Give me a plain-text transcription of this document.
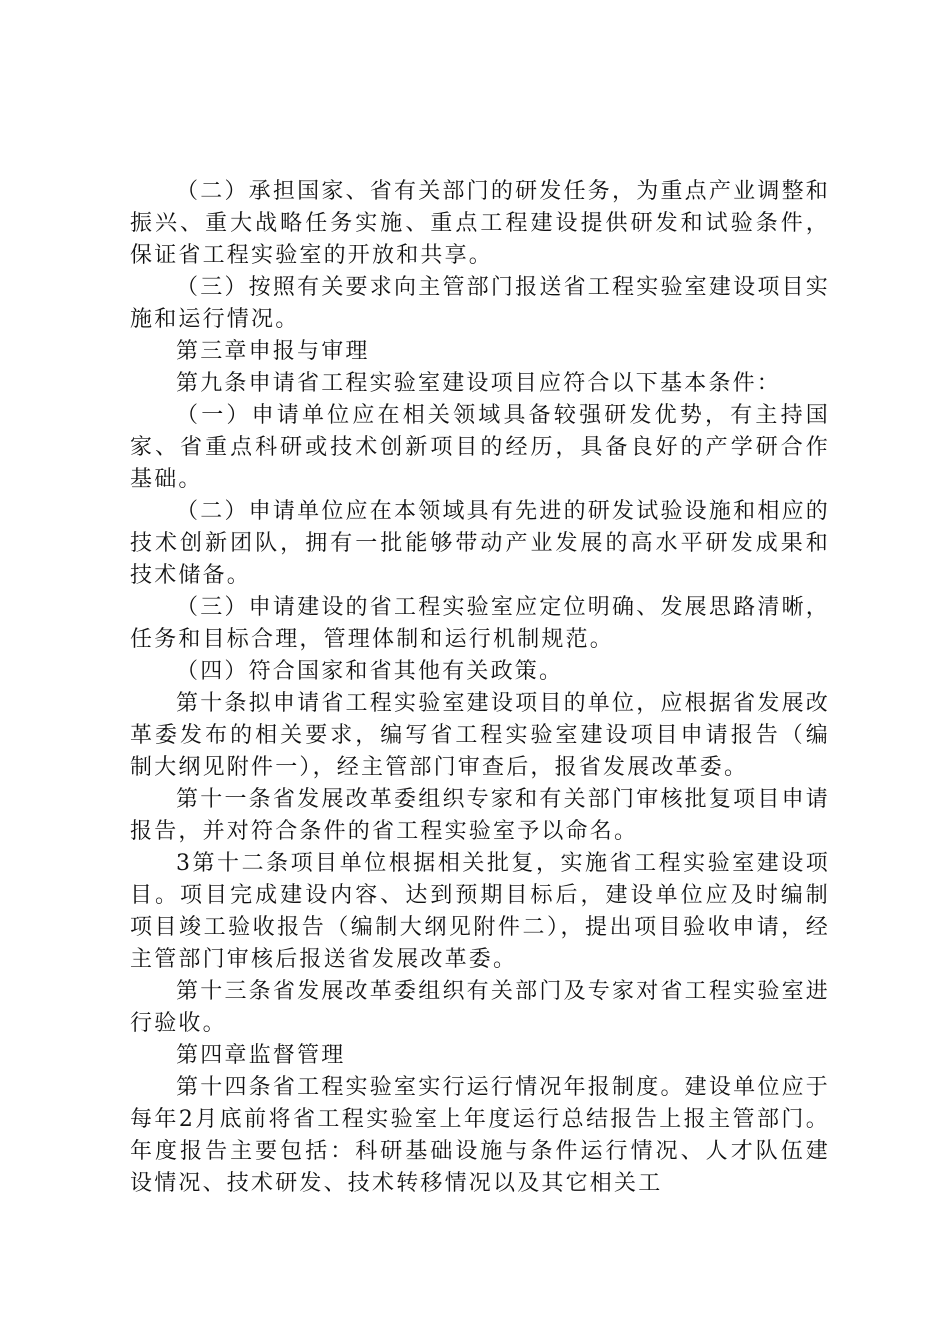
（二）承担国家、省有关部门的研发任务，为重点产业调整和振兴、重大战略任务实施、重点工程建设提供研发和试验条件，保证省工程实验室的开放和共享。

（三）按照有关要求向主管部门报送省工程实验室建设项目实施和运行情况。

第三章申报与审理

第九条申请省工程实验室建设项目应符合以下基本条件：

（一）申请单位应在相关领域具备较强研发优势，有主持国家、省重点科研或技术创新项目的经历，具备良好的产学研合作基础。

（二）申请单位应在本领域具有先进的研发试验设施和相应的技术创新团队，拥有一批能够带动产业发展的高水平研发成果和技术储备。

（三）申请建设的省工程实验室应定位明确、发展思路清晰，任务和目标合理，管理体制和运行机制规范。

（四）符合国家和省其他有关政策。

第十条拟申请省工程实验室建设项目的单位，应根据省发展改革委发布的相关要求，编写省工程实验室建设项目申请报告（编制大纲见附件一），经主管部门审查后，报省发展改革委。

第十一条省发展改革委组织专家和有关部门审核批复项目申请报告，并对符合条件的省工程实验室予以命名。

3第十二条项目单位根据相关批复，实施省工程实验室建设项目。项目完成建设内容、达到预期目标后，建设单位应及时编制项目竣工验收报告（编制大纲见附件二），提出项目验收申请，经主管部门审核后报送省发展改革委。

第十三条省发展改革委组织有关部门及专家对省工程实验室进行验收。

第四章监督管理

第十四条省工程实验室实行运行情况年报制度。建设单位应于每年2月底前将省工程实验室上年度运行总结报告上报主管部门。年度报告主要包括：科研基础设施与条件运行情况、人才队伍建设情况、技术研发、技术转移情况以及其它相关工
